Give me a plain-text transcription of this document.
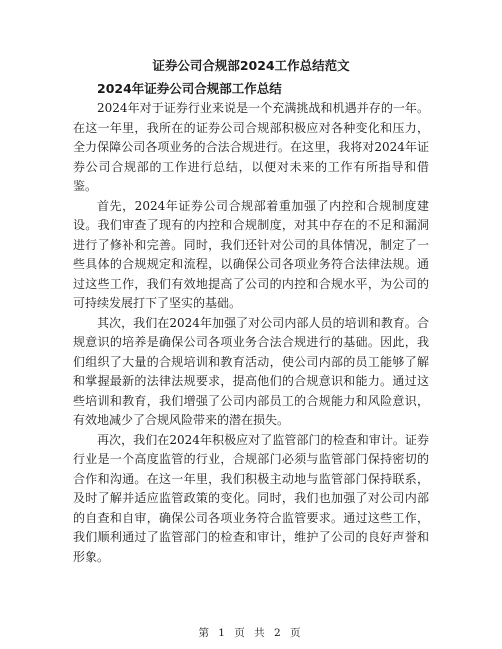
证券公司合规部2024工作总结范文
2024年证券公司合规部工作总结

2024年对于证券行业来说是一个充满挑战和机遇并存的一年。在这一年里，我所在的证券公司合规部积极应对各种变化和压力，全力保障公司各项业务的合法合规进行。在这里，我将对2024年证券公司合规部的工作进行总结，以便对未来的工作有所指导和借鉴。

首先，2024年证券公司合规部着重加强了内控和合规制度建设。我们审查了现有的内控和合规制度，对其中存在的不足和漏洞进行了修补和完善。同时，我们还针对公司的具体情况，制定了一些具体的合规规定和流程，以确保公司各项业务符合法律法规。通过这些工作，我们有效地提高了公司的内控和合规水平，为公司的可持续发展打下了坚实的基础。

其次，我们在2024年加强了对公司内部人员的培训和教育。合规意识的培养是确保公司各项业务合法合规进行的基础。因此，我们组织了大量的合规培训和教育活动，使公司内部的员工能够了解和掌握最新的法律法规要求，提高他们的合规意识和能力。通过这些培训和教育，我们增强了公司内部员工的合规能力和风险意识，有效地减少了合规风险带来的潜在损失。

再次，我们在2024年积极应对了监管部门的检查和审计。证券行业是一个高度监管的行业，合规部门必须与监管部门保持密切的合作和沟通。在这一年里，我们积极主动地与监管部门保持联系，及时了解并适应监管政策的变化。同时，我们也加强了对公司内部的自查和自审，确保公司各项业务符合监管要求。通过这些工作，我们顺利通过了监管部门的检查和审计，维护了公司的良好声誉和形象。

第 1 页 共 2 页
